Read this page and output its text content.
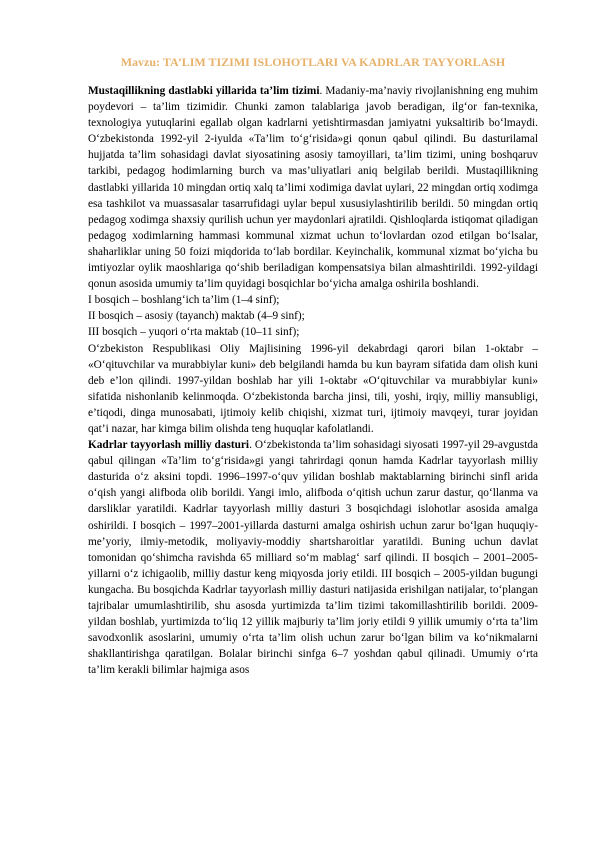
Mavzu: TA’LIM TIZIMI ISLOHOTLARI VA KADRLAR TAYYORLASH

Mustaqillikning dastlabki yillarida ta’lim tizimi. Madaniy-ma’naviy rivojlanishning eng muhim poydevori – ta’lim tizimidir. Chunki zamon talablariga javob beradigan, ilg‘or fan-texnika, texnologiya yutuqlarini egallab olgan kadrlarni yetishtirmasdan jamiyatni yuksaltirib bo‘lmaydi. O‘zbekistonda 1992-yil 2-iyulda «Ta’lim to‘g‘risida»gi qonun qabul qilindi. Bu dasturilamal hujjatda ta’lim sohasidagi davlat siyosatining asosiy tamoyillari, ta’lim tizimi, uning boshqaruv tarkibi, pedagog hodimlarning burch va mas’uliyatlari aniq belgilab berildi. Mustaqillikning dastlabki yillarida 10 mingdan ortiq xalq ta’limi xodimiga davlat uylari, 22 mingdan ortiq xodimga esa tashkilot va muassasalar tasarrufidagi uylar bepul xususiylashtirilib berildi. 50 mingdan ortiq pedagog xodimga shaxsiy qurilish uchun yer maydonlari ajratildi. Qishloqlarda istiqomat qiladigan pedagog xodimlarning hammasi kommunal xizmat uchun to‘lovlardan ozod etilgan bo‘lsalar, shaharliklar uning 50 foizi miqdorida to‘lab bordilar. Keyinchalik, kommunal xizmat bo‘yicha bu imtiyozlar oylik maoshlariga qo‘shib beriladigan kompensatsiya bilan almashtirildi. 1992-yildagi qonun asosida umumiy ta’lim quyidagi bosqichlar bo‘yicha amalga oshirila boshlandi.

I bosqich – boshlang‘ich ta’lim (1–4 sinf);

II bosqich – asosiy (tayanch) maktab (4–9 sinf);

III bosqich – yuqori o‘rta maktab (10–11 sinf);

O‘zbekiston Respublikasi Oliy Majlisining 1996-yil dekabrdagi qarori bilan 1-oktabr – «O‘qituvchilar va murabbiylar kuni» deb belgilandi hamda bu kun bayram sifatida dam olish kuni deb e’lon qilindi. 1997-yildan boshlab har yili 1-oktabr «O‘qituvchilar va murabbiylar kuni» sifatida nishonlanib kelinmoqda. O‘zbekistonda barcha jinsi, tili, yoshi, irqiy, milliy mansubligi, e’tiqodi, dinga munosabati, ijtimoiy kelib chiqishi, xizmat turi, ijtimoiy mavqeyi, turar joyidan qat’i nazar, har kimga bilim olishda teng huquqlar kafolatlandi.

Kadrlar tayyorlash milliy dasturi. O‘zbekistonda ta’lim sohasidagi siyosati 1997-yil 29-avgustda qabul qilingan «Ta’lim to‘g‘risida»gi yangi tahrirdagi qonun hamda Kadrlar tayyorlash milliy dasturida o‘z aksini topdi. 1996–1997-o‘quv yilidan boshlab maktablarning birinchi sinfl arida o‘qish yangi alifboda olib borildi. Yangi imlo, alifboda o‘qitish uchun zarur dastur, qo‘llanma va darsliklar yaratildi. Kadrlar tayyorlash milliy dasturi 3 bosqichdagi islohotlar asosida amalga oshirildi. I bosqich – 1997–2001-yillarda dasturni amalga oshirish uchun zarur bo‘lgan huquqiy-me’yoriy, ilmiy-metodik, moliyaviy-moddiy shartsharoitlar yaratildi. Buning uchun davlat tomonidan qo‘shimcha ravishda 65 milliard so‘m mablag‘ sarf qilindi. II bosqich – 2001–2005-yillarni o‘z ichigaolib, milliy dastur keng miqyosda joriy etildi. III bosqich – 2005-yildan bugungi kungacha. Bu bosqichda Kadrlar tayyorlash milliy dasturi natijasida erishilgan natijalar, to‘plangan tajribalar umumlashtirilib, shu asosda yurtimizda ta’lim tizimi takomillashtirilib borildi. 2009-yildan boshlab, yurtimizda to‘liq 12 yillik majburiy ta’lim joriy etildi 9 yillik umumiy o‘rta ta’lim savodxonlik asoslarini, umumiy o‘rta ta’lim olish uchun zarur bo‘lgan bilim va ko‘nikmalarni shakllantirishga qaratilgan. Bolalar birinchi sinfga 6–7 yoshdan qabul qilinadi. Umumiy o‘rta ta’lim kerakli bilimlar hajmiga asos
